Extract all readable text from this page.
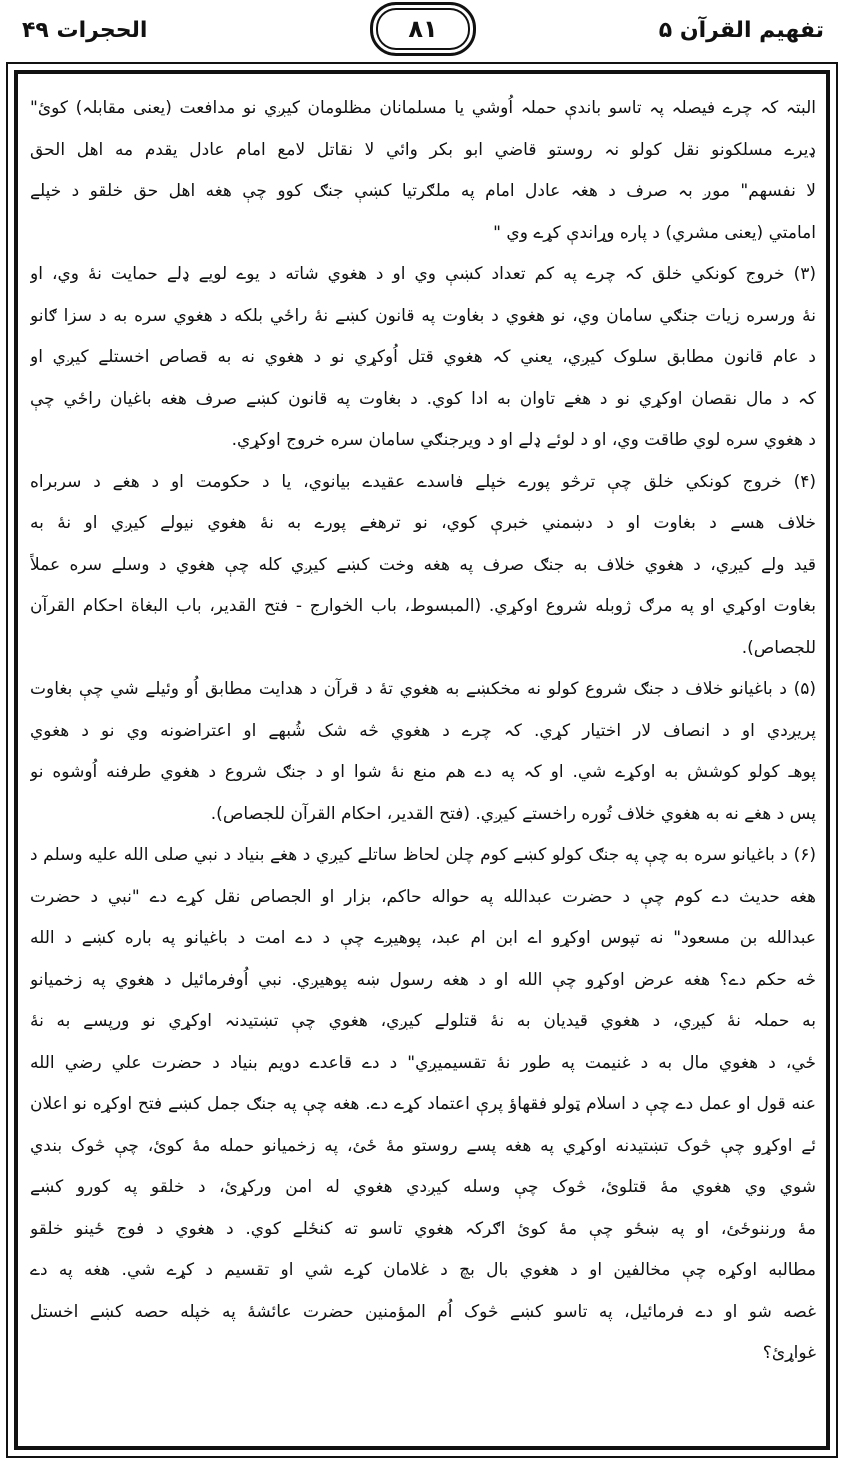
الحجرات ۴۹	۸۱	تفهیم القرآن ۵
البتہ کہ چرے فیصلہ پہ تاسو باندې حملہ اُوشي یا مسلمانان مظلومان کیږي نو مدافعت (یعنی مقابلہ) کوئ"
ډیرے مسلکونو نقل کولو نہ روستو قاضي ابو بکر وائي لا نقاتل لامع امام عادل يقدم مه اهل الحق
لا نفسهم" موږ بہ صرف د هغہ عادل امام په ملګرتیا کښې جنګ کوو چې هغه اهل حق خلقو د خپلے
امامتي (یعنی مشري) د پاره وړاندې کړے وي "
(۳) خروج کونکي خلق کہ چرے په کم تعداد کښې وي او د هغوي شاته د یوے لویے ډلے حمایت نهٔ وي، او
نهٔ ورسره زیات جنګي سامان وي، نو هغوي د بغاوت په قانون کښے نهٔ راځي بلکه د هغوي سره به د سزا ګانو
د عام قانون مطابق سلوک کیږي، یعني کہ هغوي قتل اُوکړي نو د هغوي نه به قصاص اخستلے کیږي او
کہ د مال نقصان اوکړي نو د هغے تاوان به ادا کوي. د بغاوت په قانون کښے صرف هغه باغیان راځي چې
د هغوي سره لوي طاقت وي، او د لوئے ډلے او د ویرجنګي سامان سره خروج اوکړي.
(۴) خروج کونکي خلق چې ترڅو پورے خپلے فاسدے عقیدے بیانوي، یا د حکومت او د هغے د سربراه
خلاف هسے د بغاوت او د دښمني خبرې کوي، نو ترهغے پورے به نهٔ هغوي نیولے کیږي او نهٔ به
قید ولے کیږي، د هغوي خلاف به جنګ صرف په هغه وخت کښے کیږي کله چې هغوي د وسلے سره عملاً
بغاوت اوکړي او په مرګ ژوبله شروع اوکړي. (المبسوط، باب الخوارج - فتح القدیر، باب البغاة احکام القرآن
للجصاص).
(۵) د باغیانو خلاف د جنګ شروع کولو نه مخکښے به هغوي تهٔ د قرآن د هدایت مطابق اُو وئیلے شي چې بغاوت
پریږدي او د انصاف لار اختیار کړي. کہ چرے د هغوي څه شک شُبهے او اعتراضونه وي نو د هغوي
پوهـ کولو کوشش به اوکړے شي. او کہ په دے هم منع نهٔ شوا او د جنګ شروع د هغوي طرفنه اُوشوه نو
پس د هغے نه به هغوي خلاف تُوره راخستے کیږي. (فتح القدیر، احکام القرآن للجصاص).
(۶) د باغیانو سره به چې په جنګ کولو کښے کوم چلن لحاظ ساتلے کیږي د هغے بنیاد د نبي صلی الله علیه وسلم د
هغه حدیث دے کوم چې د حضرت عبدالله په حواله حاکم، بزار او الجصاص نقل کړے دے "نبي د حضرت
عبدالله بن مسعود" نه تپوس اوکړو اے ابن ام عبد، پوهیږے چې د دے امت د باغیانو په باره کښے د الله
څه حکم دے؟ هغه عرض اوکړو چې الله او د هغه رسول ښه پوهیږي. نبي اُوفرمائیل د هغوي په زخمیانو
به حملہ نهٔ کیږي، د هغوي قیدیان به نهٔ قتلولے کیږي، هغوي چې تښتیدنہ اوکړي نو ورپسے به نهٔ
ځي، د هغوي مال به د غنیمت په طور نهٔ تقسیمیږي" د دے قاعدے دویم بنیاد د حضرت علي رضي الله
عنه قول او عمل دے چې د اسلام ټولو فقهاؤ پرې اعتماد کړے دے. هغه چې په جنګ جمل کښے فتح اوکړه نو اعلان
ئے اوکړو چې څوک تښتیدنه اوکړي په هغه پسے روستو مهٔ ځئ، په زخمیانو حمله مهٔ کوئ، چې څوک بندي
شوي وي هغوي مهٔ قتلوئ، څوک چې وسله کیږدي هغوي له امن ورکړئ، د خلقو په کورو کښے
مهٔ ورننوځئ، او په ښځو چې مهٔ کوئ اګرکہ هغوي تاسو ته کنځلے کوي. د هغوي د فوج ځینو خلقو
مطالبه اوکړه چې مخالفین او د هغوي بال بچ د غلامان کړے شي او تقسیم د کړے شي. هغه په دے
غصه شو او دے فرمائیل، په تاسو کښے څوک اُم المؤمنین حضرت عائشهٔ په خپله حصه کښے اخستل
غواړئ؟
